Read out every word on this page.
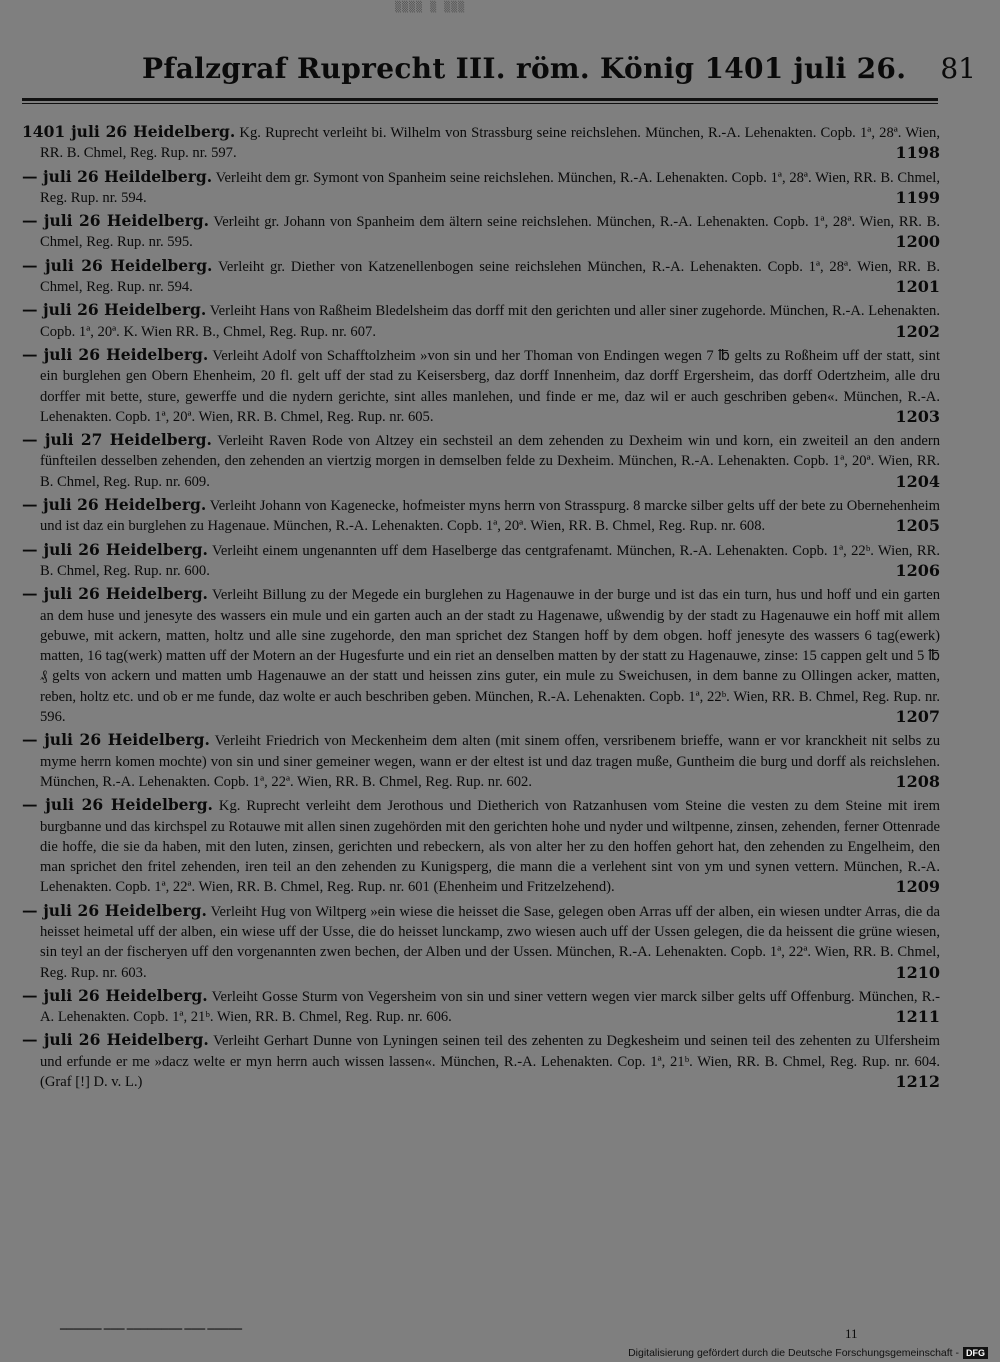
▒▒▒▒ ▒ ▒▒▒
Pfalzgraf Ruprecht III. röm. König 1401 juli 26. 81

1401 juli 26 Heidelberg. Kg. Ruprecht verleiht bi. Wilhelm von Strassburg seine reichslehen. München, R.-A. Lehenakten. Copb. 1ª, 28ª. Wien, RR. B. Chmel, Reg. Rup. nr. 597.	1198

— juli 26 Heildelberg. Verleiht dem gr. Symont von Spanheim seine reichslehen. München, R.-A. Lehenakten. Copb. 1ª, 28ª. Wien, RR. B. Chmel, Reg. Rup. nr. 594.	1199

— juli 26 Heidelberg. Verleiht gr. Johann von Spanheim dem ältern seine reichslehen. München, R.-A. Lehenakten. Copb. 1ª, 28ª. Wien, RR. B. Chmel, Reg. Rup. nr. 595.	1200

— juli 26 Heidelberg. Verleiht gr. Diether von Katzenellenbogen seine reichslehen München, R.-A. Lehenakten. Copb. 1ª, 28ª. Wien, RR. B. Chmel, Reg. Rup. nr. 594.	1201

— juli 26 Heidelberg. Verleiht Hans von Raßheim Bledelsheim das dorff mit den gerichten und aller siner zugehorde. München, R.-A. Lehenakten. Copb. 1ª, 20ª. K. Wien RR. B., Chmel, Reg. Rup. nr. 607.	1202

— juli 26 Heidelberg. Verleiht Adolf von Schafftolzheim »von sin und her Thoman von Endingen wegen 7 ℔ gelts zu Roßheim uff der statt, sint ein burglehen gen Obern Ehenheim, 20 fl. gelt uff der stad zu Keisersberg, daz dorff Innenheim, daz dorff Ergersheim, das dorff Odertzheim, alle dru dorffer mit bette, sture, gewerffe und die nydern gerichte, sint alles manlehen, und finde er me, daz wil er auch geschriben geben«. München, R.-A. Lehenakten. Copb. 1ª, 20ª. Wien, RR. B. Chmel, Reg. Rup. nr. 605.	1203

— juli 27 Heidelberg. Verleiht Raven Rode von Altzey ein sechsteil an dem zehenden zu Dexheim win und korn, ein zweiteil an den andern fünfteilen desselben zehenden, den zehenden an viertzig morgen in demselben felde zu Dexheim. München, R.-A. Lehenakten. Copb. 1ª, 20ª. Wien, RR. B. Chmel, Reg. Rup. nr. 609.	1204

— juli 26 Heidelberg. Verleiht Johann von Kagenecke, hofmeister myns herrn von Strasspurg. 8 marcke silber gelts uff der bete zu Obernehenheim und ist daz ein burglehen zu Hagenaue. München, R.-A. Lehenakten. Copb. 1ª, 20ª. Wien, RR. B. Chmel, Reg. Rup. nr. 608.	1205

— juli 26 Heidelberg. Verleiht einem ungenannten uff dem Haselberge das centgrafenamt. München, R.-A. Lehenakten. Copb. 1ª, 22ᵇ. Wien, RR. B. Chmel, Reg. Rup. nr. 600.	1206

— juli 26 Heidelberg. Verleiht Billung zu der Megede ein burglehen zu Hagenauwe in der burge und ist das ein turn, hus und hoff und ein garten an dem huse und jenesyte des wassers ein mule und ein garten auch an der stadt zu Hagenawe, ußwendig by der stadt zu Hagenauwe ein hoff mit allem gebuwe, mit ackern, matten, holtz und alle sine zugehorde, den man sprichet dez Stangen hoff by dem obgen. hoff jenesyte des wassers 6 tag(ewerk) matten, 16 tag(werk) matten uff der Motern an der Hugesfurte und ein riet an denselben matten by der statt zu Hagenauwe, zinse: 15 cappen gelt und 5 ℔ ₰ gelts von ackern und matten umb Hagenauwe an der statt und heissen zins guter, ein mule zu Sweichusen, in dem banne zu Ollingen acker, matten, reben, holtz etc. und ob er me funde, daz wolte er auch beschriben geben. München, R.-A. Lehenakten. Copb. 1ª, 22ᵇ. Wien, RR. B. Chmel, Reg. Rup. nr. 596.	1207

— juli 26 Heidelberg. Verleiht Friedrich von Meckenheim dem alten (mit sinem offen, versribenem brieffe, wann er vor kranckheit nit selbs zu myme herrn komen mochte) von sin und siner gemeiner wegen, wann er der eltest ist und daz tragen muße, Guntheim die burg und dorff als reichslehen. München, R.-A. Lehenakten. Copb. 1ª, 22ª. Wien, RR. B. Chmel, Reg. Rup. nr. 602.	1208

— juli 26 Heidelberg. Kg. Ruprecht verleiht dem Jerothous und Dietherich von Ratzanhusen vom Steine die vesten zu dem Steine mit irem burgbanne und das kirchspel zu Rotauwe mit allen sinen zugehörden mit den gerichten hohe und nyder und wiltpenne, zinsen, zehenden, ferner Ottenrade die hoffe, die sie da haben, mit den luten, zinsen, gerichten und rebeckern, als von alter her zu den hoffen gehort hat, den zehenden zu Engelheim, den man sprichet den fritel zehenden, iren teil an den zehenden zu Kunigsperg, die mann die a verlehent sint von ym und synen vettern. München, R.-A. Lehenakten. Copb. 1ª, 22ª. Wien, RR. B. Chmel, Reg. Rup. nr. 601 (Ehenheim und Fritzelzehend).	1209

— juli 26 Heidelberg. Verleiht Hug von Wiltperg »ein wiese die heisset die Sase, gelegen oben Arras uff der alben, ein wiesen undter Arras, die da heisset heimetal uff der alben, ein wiese uff der Usse, die do heisset lunckamp, zwo wiesen auch uff der Ussen gelegen, die da heissent die grüne wiesen, sin teyl an der fischeryen uff den vorgenannten zwen bechen, der Alben und der Ussen. München, R.-A. Lehenakten. Copb. 1ª, 22ª. Wien, RR. B. Chmel, Reg. Rup. nr. 603.	1210

— juli 26 Heidelberg. Verleiht Gosse Sturm von Vegersheim von sin und siner vettern wegen vier marck silber gelts uff Offenburg. München, R.-A. Lehenakten. Copb. 1ª, 21ᵇ. Wien, RR. B. Chmel, Reg. Rup. nr. 606.	1211

— juli 26 Heidelberg. Verleiht Gerhart Dunne von Lyningen seinen teil des zehenten zu Degkesheim und seinen teil des zehenten zu Ulfersheim und erfunde er me »dacz welte er myn herrn auch wissen lassen«. München, R.-A. Lehenakten. Cop. 1ª, 21ᵇ. Wien, RR. B. Chmel, Reg. Rup. nr. 604. (Graf [!] D. v. L.)	1212

▔▔▔▔▔▔ ▔▔▔ ▔▔▔▔▔▔▔▔ ▔▔▔ ▔▔▔▔▔	11
Digitalisierung gefördert durch die Deutsche Forschungsgemeinschaft - DFG
